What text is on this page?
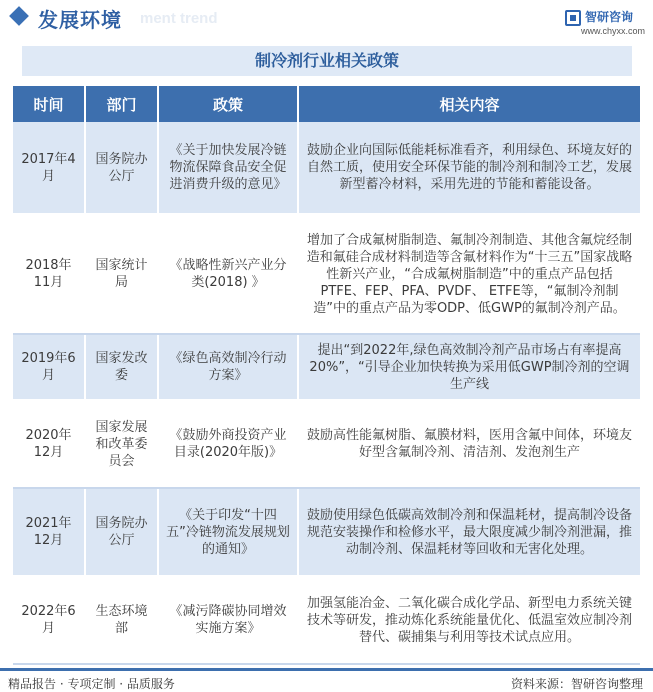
发展环境 ment trend	智研咨询
www.chyxx.com
制冷剂行业相关政策
时间	部门	政策	相关内容
2017年4月	国务院办公厅	《关于加快发展冷链物流保障食品安全促进消费升级的意见》	鼓励企业向国际低能耗标准看齐，利用绿色、环境友好的自然工质，使用安全环保节能的制冷剂和制冷工艺，发展新型蓄冷材料，采用先进的节能和蓄能设备。
2018年11月	国家统计局	《战略性新兴产业分类(2018) 》	增加了合成氟树脂制造、氟制冷剂制造、其他含氟烷经制造和氟硅合成材料制造等含氟材料作为“十三五”国家战略性新兴产业，“合成氟树脂制造”中的重点产品包括PTFE、FEP、PFA、PVDF、 ETFE等，“氟制冷剂制造”中的重点产品为零ODP、低GWP的氟制冷剂产品。
2019年6月	国家发改委	《绿色高效制冷行动方案》	提出“到2022年,绿色高效制冷剂产品市场占有率提高20%”，“引导企业加快转换为采用低GWP制冷剂的空调生产线
2020年12月	国家发展和改革委员会	《鼓励外商投资产业目录(2020年版)》	鼓励高性能氟树脂、氟膜材料，医用含氟中间体，环境友好型含氟制冷剂、清洁剂、发泡剂生产
2021年12月	国务院办公厅	《关于印发“十四五”冷链物流发展规划的通知》	鼓励使用绿色低碳高效制冷剂和保温耗材，提高制冷设备规范安装操作和检修水平，最大限度减少制冷剂泄漏，推动制冷剂、保温耗材等回收和无害化处理。
2022年6月	生态环境部	《减污降碳协同增效实施方案》	加强氢能冶金、二氧化碳合成化学品、新型电力系统关键技术等研发，推动炼化系统能量优化、低温室效应制冷剂替代、碳捕集与利用等技术试点应用。
精品报告 · 专项定制 · 品质服务	资料来源：智研咨询整理
